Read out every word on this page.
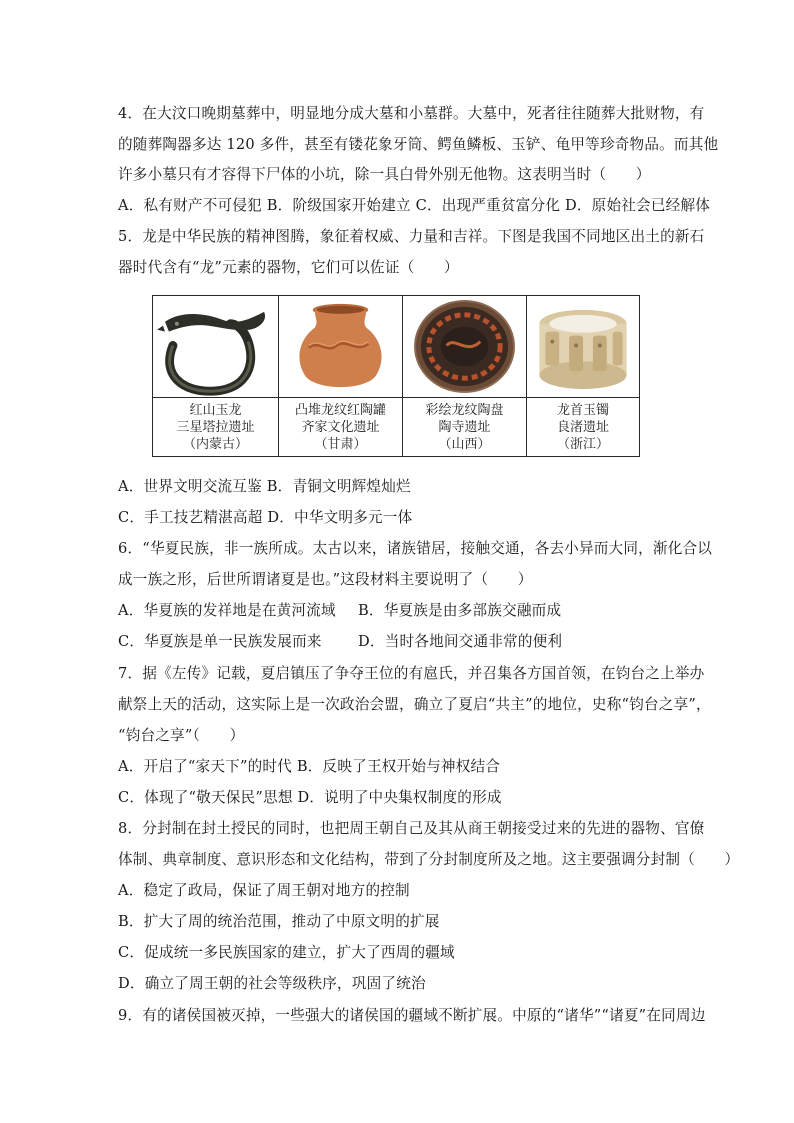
4．在大汶口晚期墓葬中，明显地分成大墓和小墓群。大墓中，死者往往随葬大批财物，有
的随葬陶器多达 120 多件，甚至有镂花象牙筒、鳄鱼鳞板、玉铲、龟甲等珍奇物品。而其他
许多小墓只有才容得下尸体的小坑，除一具白骨外别无他物。这表明当时（　　）
A．私有财产不可侵犯 B．阶级国家开始建立 C．出现严重贫富分化 D．原始社会已经解体
5．龙是中华民族的精神图腾，象征着权威、力量和吉祥。下图是我国不同地区出土的新石
器时代含有“龙”元素的器物，它们可以佐证（　　）
红山玉龙
三星塔拉遗址
（内蒙古）
凸堆龙纹红陶罐
齐家文化遗址
（甘肃）
彩绘龙纹陶盘
陶寺遗址
（山西）
龙首玉镯
良渚遗址
（浙江）
A．世界文明交流互鉴 B．青铜文明辉煌灿烂
C．手工技艺精湛高超 D．中华文明多元一体
6．“华夏民族，非一族所成。太古以来，诸族错居，接触交通，各去小异而大同，渐化合以
成一族之形，后世所谓诸夏是也。”这段材料主要说明了（　　）
A．华夏族的发祥地是在黄河流域 B．华夏族是由多部族交融而成
C．华夏族是单一民族发展而来 D．当时各地间交通非常的便利
7．据《左传》记载，夏启镇压了争夺王位的有扈氏，并召集各方国首领，在钧台之上举办
献祭上天的活动，这实际上是一次政治会盟，确立了夏启“共主”的地位，史称“钧台之享”，
“钧台之享”（　　）
A．开启了“家天下”的时代 B．反映了王权开始与神权结合
C．体现了“敬天保民”思想 D．说明了中央集权制度的形成
8．分封制在封土授民的同时，也把周王朝自己及其从商王朝接受过来的先进的器物、官僚
体制、典章制度、意识形态和文化结构，带到了分封制度所及之地。这主要强调分封制（　　）
A．稳定了政局，保证了周王朝对地方的控制
B．扩大了周的统治范围，推动了中原文明的扩展
C．促成统一多民族国家的建立，扩大了西周的疆域
D．确立了周王朝的社会等级秩序，巩固了统治
9．有的诸侯国被灭掉，一些强大的诸侯国的疆域不断扩展。中原的“诸华”“诸夏”在同周边
